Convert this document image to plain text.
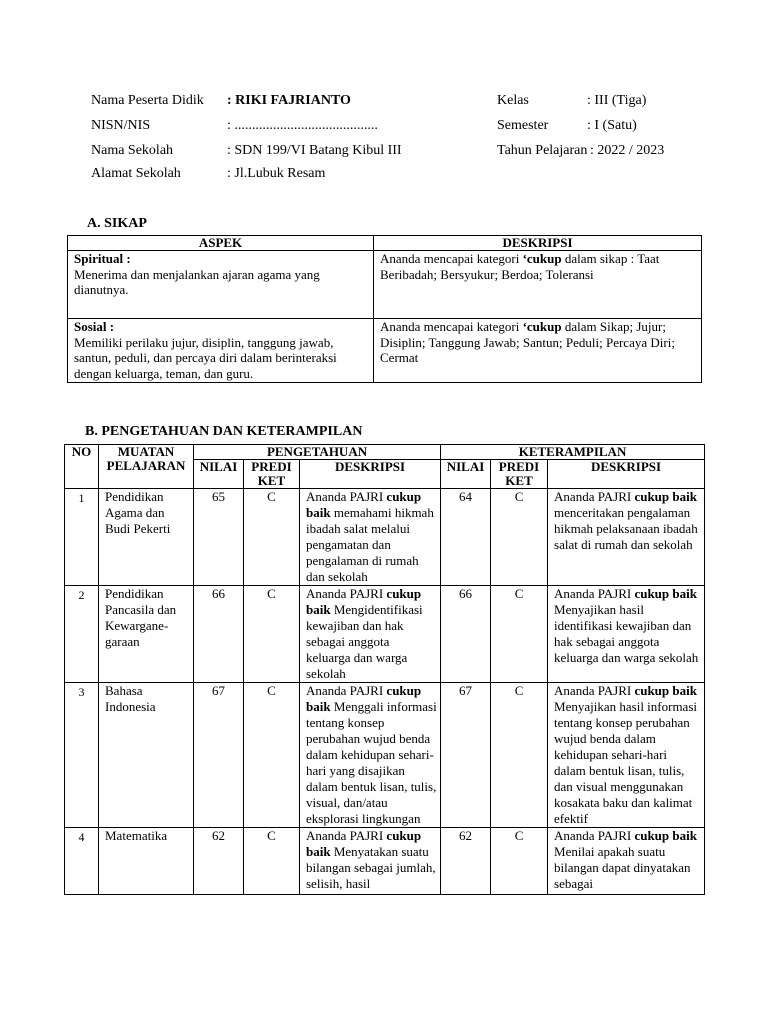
Nama Peserta Didik : RIKI FAJRIANTO
NISN/NIS	: .........................................
Nama Sekolah	: SDN 199/VI Batang Kibul III
Alamat Sekolah	: Jl.Lubuk Resam
Kelas	: III (Tiga)
Semester	: I (Satu)
Tahun Pelajaran : 2022 / 2023
A. SIKAP
ASPEK	DESKRIPSI

Spiritual :
Menerima dan menjalankan ajaran agama yang dianutnya.	Ananda mencapai kategori ‘cukup dalam sikap : Taat Beribadah; Bersyukur; Berdoa; Toleransi

Sosial :
Memiliki perilaku jujur, disiplin, tanggung jawab, santun, peduli, dan percaya diri dalam berinteraksi dengan keluarga, teman, dan guru.	Ananda mencapai kategori ‘cukup dalam Sikap; Jujur; Disiplin; Tanggung Jawab; Santun; Peduli; Percaya Diri; Cermat
B. PENGETAHUAN DAN KETERAMPILAN
NO	MUATAN PELAJARAN	PENGETAHUAN			KETERAMPILAN		
		NILAI	PREDI KET	DESKRIPSI	NILAI	PREDI KET	DESKRIPSI
1	Pendidikan Agama dan Budi Pekerti	65	C	Ananda PAJRI cukup baik memahami hikmah ibadah salat melalui pengamatan dan pengalaman di rumah dan sekolah	64	C	Ananda PAJRI cukup baik menceritakan pengalaman hikmah pelaksanaan ibadah salat di rumah dan sekolah
2	Pendidikan Pancasila dan Kewargane-garaan	66	C	Ananda PAJRI cukup baik Mengidentifikasi kewajiban dan hak sebagai anggota keluarga dan warga sekolah	66	C	Ananda PAJRI cukup baik Menyajikan hasil identifikasi kewajiban dan hak sebagai anggota keluarga dan warga sekolah
3	Bahasa Indonesia	67	C	Ananda PAJRI cukup baik Menggali informasi tentang konsep perubahan wujud benda dalam kehidupan sehari-hari yang disajikan dalam bentuk lisan, tulis, visual, dan/atau eksplorasi lingkungan	67	C	Ananda PAJRI cukup baik Menyajikan hasil informasi tentang konsep perubahan wujud benda dalam kehidupan sehari-hari dalam bentuk lisan, tulis, dan visual menggunakan kosakata baku dan kalimat efektif
4	Matematika	62	C	Ananda PAJRI cukup baik Menyatakan suatu bilangan sebagai jumlah, selisih, hasil	62	C	Ananda PAJRI cukup baik Menilai apakah suatu bilangan dapat dinyatakan sebagai
